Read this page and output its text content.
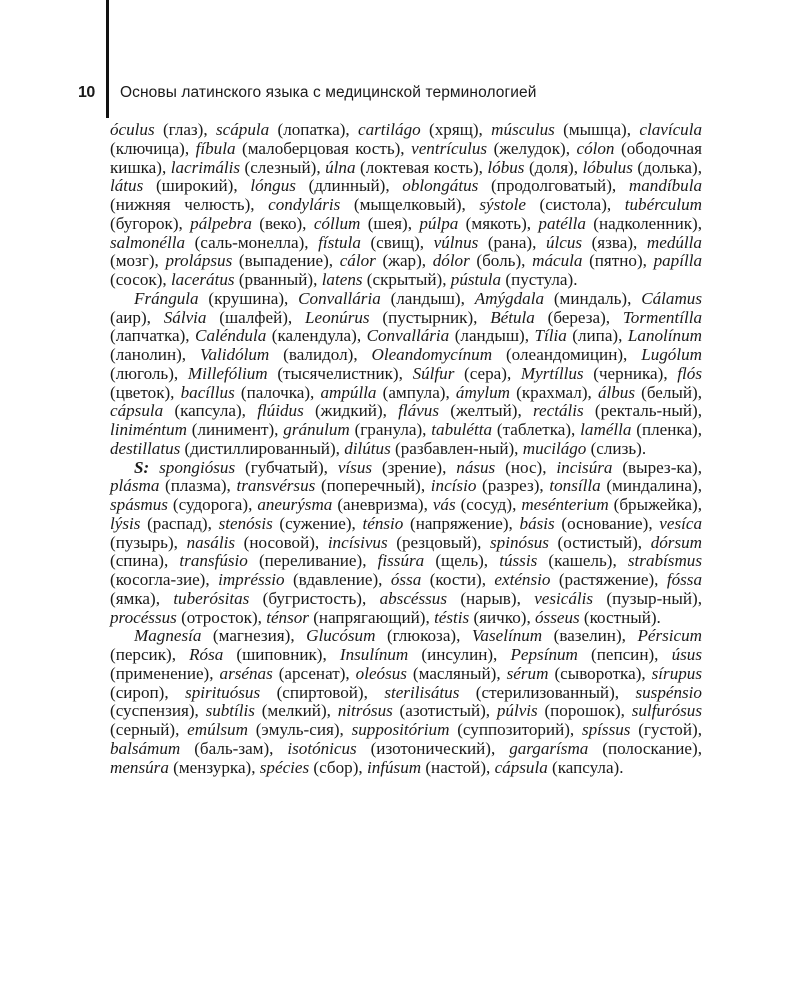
10 Основы латинского языка с медицинской терминологией

óculus (глаз), scápula (лопатка), cartilágo (хрящ), músculus (мышца), clavícula (ключица), fíbula (малоберцовая кость), ventrículus (желудок), cólon (ободочная кишка), lacrimális (слезный), úlna (локтевая кость), lóbus (доля), lóbulus (долька), látus (широкий), lóngus (длинный), oblongátus (продолговатый), mandíbula (нижняя челюсть), condyláris (мыщелковый), sýstole (систола), tubérculum (бугорок), pálpebra (веко), cóllum (шея), púlpa (мякоть), patélla (надколенник), salmonélla (саль-монелла), fístula (свищ), vúlnus (рана), úlcus (язва), medúlla (мозг), prolápsus (выпадение), cálor (жар), dólor (боль), mácula (пятно), papílla (сосок), lacerátus (рванный), latens (скрытый), pústula (пустула).

Frángula (крушина), Convallária (ландыш), Amýgdala (миндаль), Cálamus (аир), Sálvia (шалфей), Leonúrus (пустырник), Bétula (береза), Tormentílla (лапчатка), Caléndula (календула), Convallária (ландыш), Tília (липа), Lanolínum (ланолин), Validólum (валидол), Oleandomycínum (олеандомицин), Lugólum (люголь), Millefólium (тысячелистник), Súlfur (сера), Myrtíllus (черника), flós (цветок), bacíllus (палочка), ampúlla (ампула), ámylum (крахмал), álbus (белый), cápsula (капсула), flúidus (жидкий), flávus (желтый), rectális (ректаль-ный), liniméntum (линимент), gránulum (гранула), tabulétta (таблетка), lamélla (пленка), destillatus (дистиллированный), dilútus (разбавлен-ный), mucilágo (слизь).

S: spongiósus (губчатый), vísus (зрение), násus (нос), incisúra (вырез-ка), plásma (плазма), transvérsus (поперечный), incísio (разрез), tonsílla (миндалина), spásmus (судорога), aneurýsma (аневризма), vás (сосуд), mesénterium (брыжейка), lýsis (распад), stenósis (сужение), ténsio (напряжение), básis (основание), vesíca (пузырь), nasális (носовой), incísivus (резцовый), spinósus (остистый), dórsum (спина), transfúsio (переливание), fissúra (щель), tússis (кашель), strabísmus (косогла-зие), impréssio (вдавление), óssa (кости), exténsio (растяжение), fóssa (ямка), tuberósitas (бугристость), abscéssus (нарыв), vesicális (пузыр-ный), procéssus (отросток), ténsor (напрягающий), téstis (яичко), ósseus (костный).

Magnesía (магнезия), Glucósum (глюкоза), Vaselínum (вазелин), Pérsicum (персик), Rósa (шиповник), Insulínum (инсулин), Pepsínum (пепсин), úsus (применение), arsénas (арсенат), oleósus (масляный), sérum (сыворотка), sírupus (сироп), spirituósus (спиртовой), sterilisátus (стерилизованный), suspénsio (суспензия), subtílis (мелкий), nitrósus (азотистый), púlvis (порошок), sulfurósus (серный), emúlsum (эмуль-сия), suppositórium (суппозиторий), spíssus (густой), balsámum (баль-зам), isotónicus (изотонический), gargarísma (полоскание), mensúra (мензурка), spécies (сбор), infúsum (настой), cápsula (капсула).
